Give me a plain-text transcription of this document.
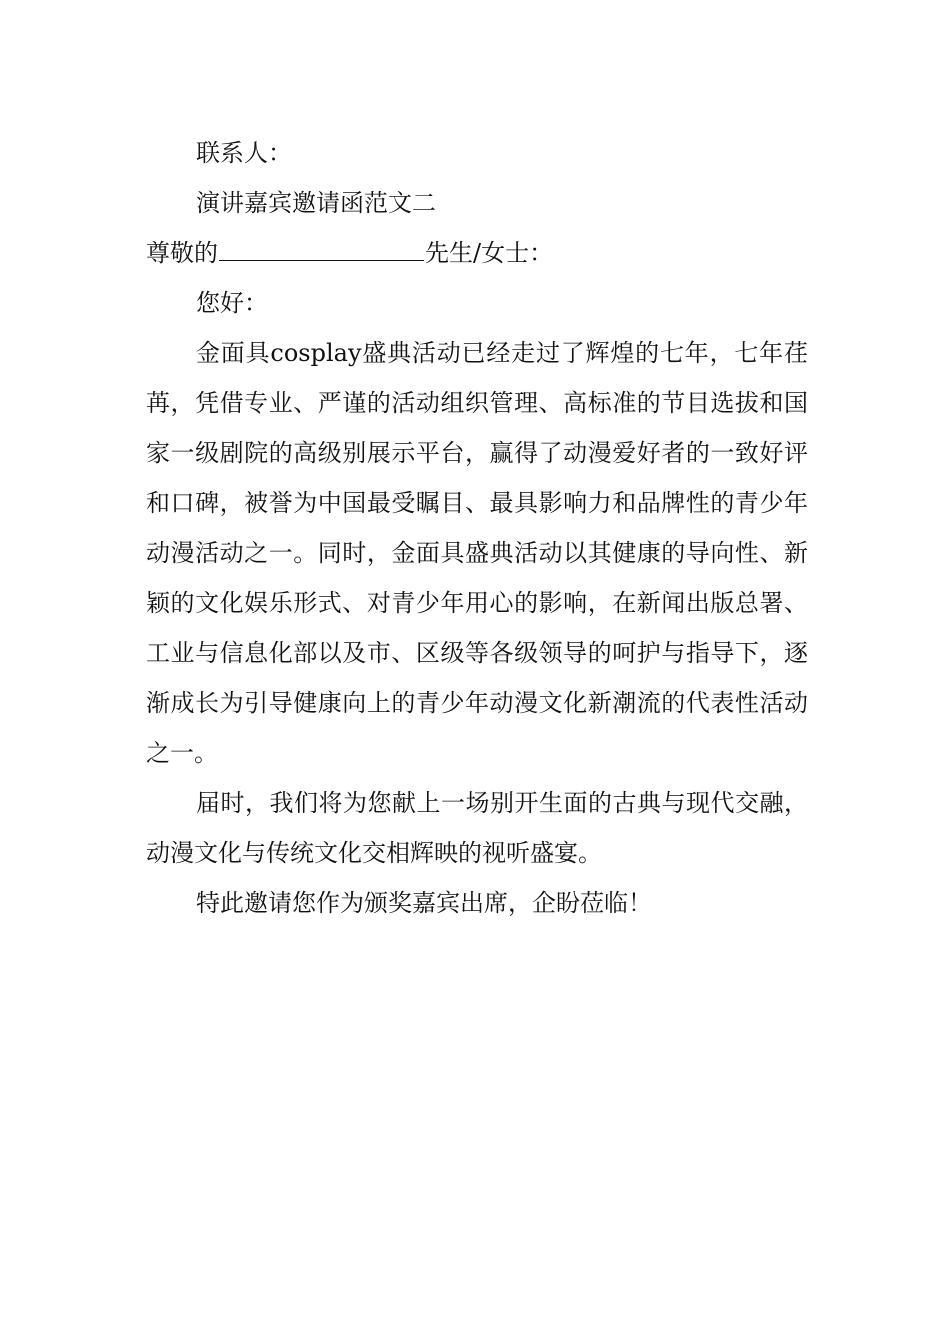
联系人：

演讲嘉宾邀请函范文二

尊敬的	先生/女士：

您好：

金面具cosplay盛典活动已经走过了辉煌的七年，七年荏苒，凭借专业、严谨的活动组织管理、高标准的节目选拔和国家一级剧院的高级别展示平台，赢得了动漫爱好者的一致好评和口碑，被誉为中国最受瞩目、最具影响力和品牌性的青少年动漫活动之一。同时，金面具盛典活动以其健康的导向性、新颖的文化娱乐形式、对青少年用心的影响，在新闻出版总署、工业与信息化部以及市、区级等各级领导的呵护与指导下，逐渐成长为引导健康向上的青少年动漫文化新潮流的代表性活动之一。

届时，我们将为您献上一场别开生面的古典与现代交融，动漫文化与传统文化交相辉映的视听盛宴。

特此邀请您作为颁奖嘉宾出席，企盼莅临！
